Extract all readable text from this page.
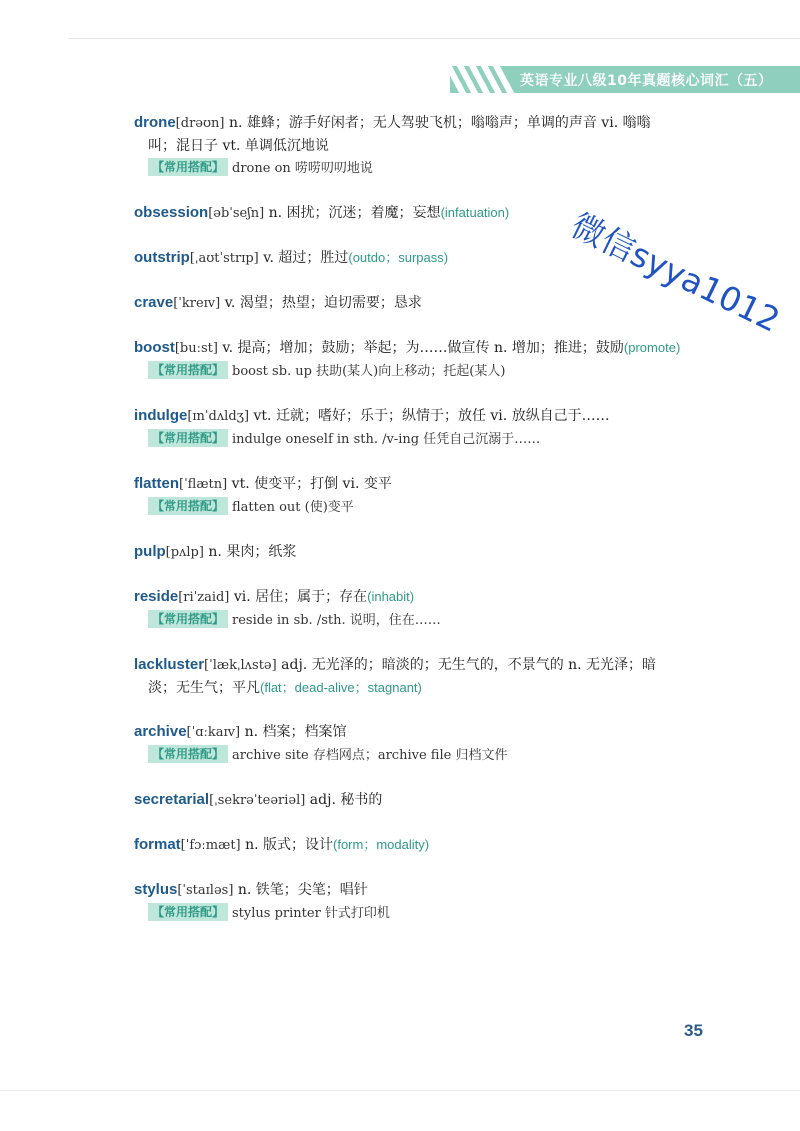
英语专业八级10年真题核心词汇（五）
drone[drəʊn] n. 雄蜂；游手好闲者；无人驾驶飞机；嗡嗡声；单调的声音 vi. 嗡嗡
叫；混日子 vt. 单调低沉地说
【常用搭配】 drone on 唠唠叨叨地说
obsession[əbˈseʃn] n. 困扰；沉迷；着魔；妄想(infatuation)
outstrip[ˌaʊtˈstrɪp] v. 超过；胜过(outdo；surpass)
crave[ˈkreɪv] v. 渴望；热望；迫切需要；恳求
boost[buːst] v. 提高；增加；鼓励；举起；为……做宣传 n. 增加；推进；鼓励(promote)
【常用搭配】 boost sb. up 扶助(某人)向上移动；托起(某人)
indulge[ɪnˈdʌldʒ] vt. 迁就；嗜好；乐于；纵情于；放任 vi. 放纵自己于……
【常用搭配】 indulge oneself in sth. /v-ing 任凭自己沉溺于……
flatten[ˈflætn] vt. 使变平；打倒 vi. 变平
【常用搭配】 flatten out (使)变平
pulp[pʌlp] n. 果肉；纸浆
reside[riˈzaid] vi. 居住；属于；存在(inhabit)
【常用搭配】 reside in sb. /sth. 说明，住在……
lackluster[ˈlækˌlʌstə] adj. 无光泽的；暗淡的；无生气的，不景气的 n. 无光泽；暗
淡；无生气；平凡(flat；dead-alive；stagnant)
archive[ˈɑːkaɪv] n. 档案；档案馆
【常用搭配】 archive site 存档网点；archive file 归档文件
secretarial[ˌsekrəˈteəriəl] adj. 秘书的
format[ˈfɔːmæt] n. 版式；设计(form；modality)
stylus[ˈstaɪləs] n. 铁笔；尖笔；唱针
【常用搭配】 stylus printer 针式打印机
微信syya1012
35
